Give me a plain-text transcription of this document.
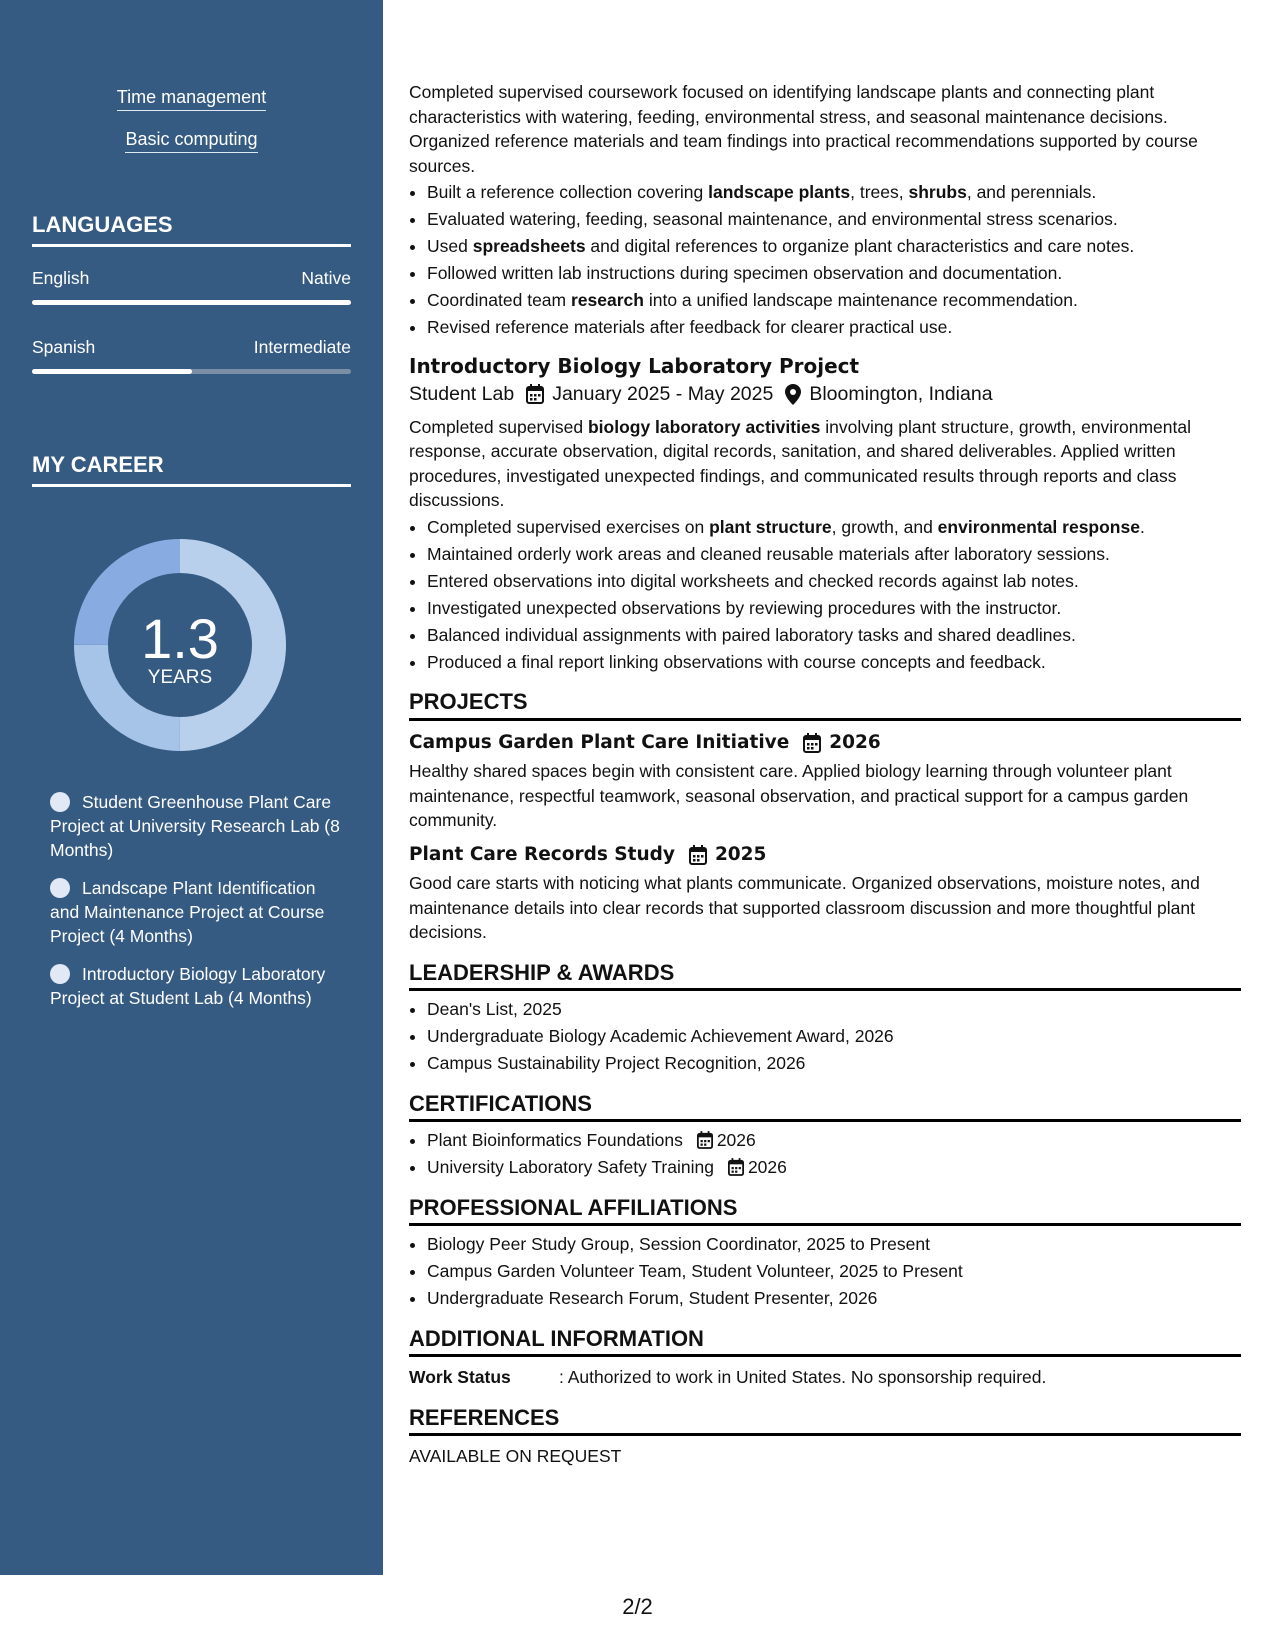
Time management
Basic computing
LANGUAGES
English	Native
Spanish	Intermediate
MY CAREER
1.3
YEARS
Student Greenhouse Plant Care Project at University Research Lab (8 Months)
Landscape Plant Identification and Maintenance Project at Course Project (4 Months)
Introductory Biology Laboratory Project at Student Lab (4 Months)

Completed supervised coursework focused on identifying landscape plants and connecting plant characteristics with watering, feeding, environmental stress, and seasonal maintenance decisions. Organized reference materials and team findings into practical recommendations supported by course sources.

• Built a reference collection covering landscape plants, trees, shrubs, and perennials.
• Evaluated watering, feeding, seasonal maintenance, and environmental stress scenarios.
• Used spreadsheets and digital references to organize plant characteristics and care notes.
• Followed written lab instructions during specimen observation and documentation.
• Coordinated team research into a unified landscape maintenance recommendation.
• Revised reference materials after feedback for clearer practical use.
Introductory Biology Laboratory Project
Student Lab January 2025 - May 2025 Bloomington, Indiana

Completed supervised biology laboratory activities involving plant structure, growth, environmental response, accurate observation, digital records, sanitation, and shared deliverables. Applied written procedures, investigated unexpected findings, and communicated results through reports and class discussions.

• Completed supervised exercises on plant structure, growth, and environmental response.
• Maintained orderly work areas and cleaned reusable materials after laboratory sessions.
• Entered observations into digital worksheets and checked records against lab notes.
• Investigated unexpected observations by reviewing procedures with the instructor.
• Balanced individual assignments with paired laboratory tasks and shared deadlines.
• Produced a final report linking observations with course concepts and feedback.
PROJECTS
Campus Garden Plant Care Initiative 2026

Healthy shared spaces begin with consistent care. Applied biology learning through volunteer plant maintenance, respectful teamwork, seasonal observation, and practical support for a campus garden community.

Plant Care Records Study 2025

Good care starts with noticing what plants communicate. Organized observations, moisture notes, and maintenance details into clear records that supported classroom discussion and more thoughtful plant decisions.

LEADERSHIP & AWARDS
• Dean's List, 2025
• Undergraduate Biology Academic Achievement Award, 2026
• Campus Sustainability Project Recognition, 2026
CERTIFICATIONS
• Plant Bioinformatics Foundations 2026
• University Laboratory Safety Training 2026
PROFESSIONAL AFFILIATIONS
• Biology Peer Study Group, Session Coordinator, 2025 to Present
• Campus Garden Volunteer Team, Student Volunteer, 2025 to Present
• Undergraduate Research Forum, Student Presenter, 2026
ADDITIONAL INFORMATION
Work Status	: Authorized to work in United States. No sponsorship required.
REFERENCES

AVAILABLE ON REQUEST

2/2
